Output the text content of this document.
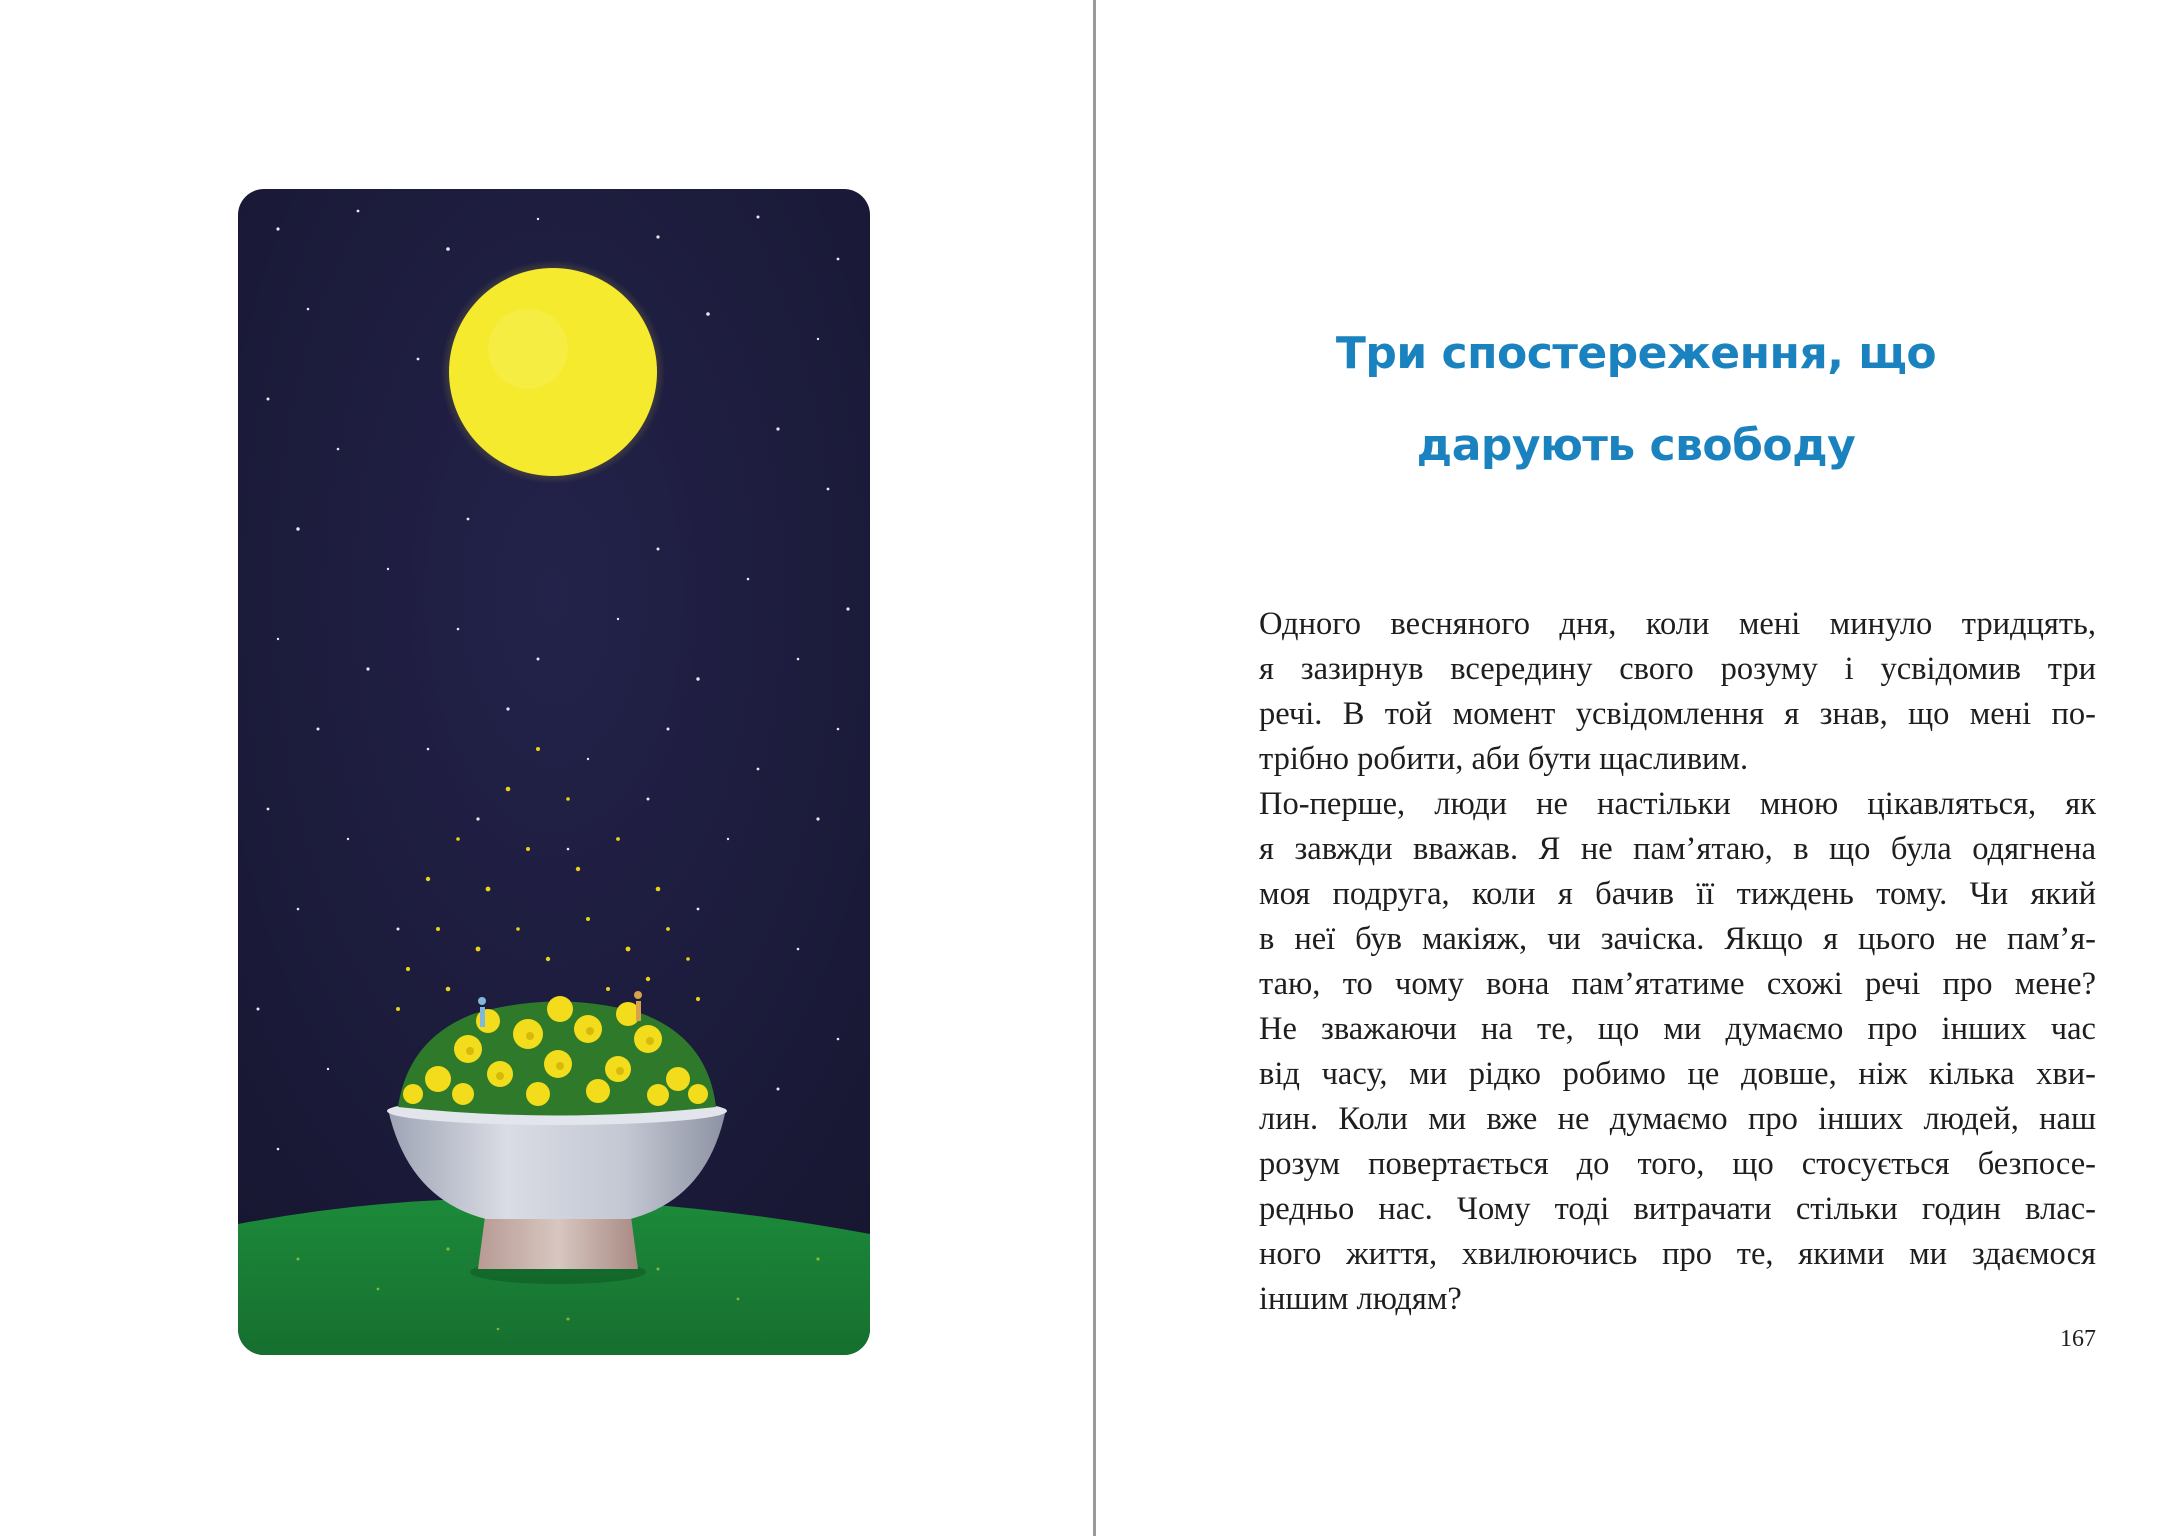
Три спостереження, що
дарують свободу

Одного весняного дня, коли мені минуло тридцять,
я зазирнув всередину свого розуму і усвідомив три
речі. В той момент усвідомлення я знав, що мені по-
трібно робити, аби бути щасливим.
По-перше, люди не настільки мною цікавляться, як
я завжди вважав. Я не пам’ятаю, в що була одягнена
моя подруга, коли я бачив її тиждень тому. Чи який
в неї був макіяж, чи зачіска. Якщо я цього не пам’я-
таю, то чому вона пам’ятатиме схожі речі про мене?
Не зважаючи на те, що ми думаємо про інших час
від часу, ми рідко робимо це довше, ніж кілька хви-
лин. Коли ми вже не думаємо про інших людей, наш
розум повертається до того, що стосується безпосе-
редньо нас. Чому тоді витрачати стільки годин влас-
ного життя, хвилюючись про те, якими ми здаємося
іншим людям?

167
